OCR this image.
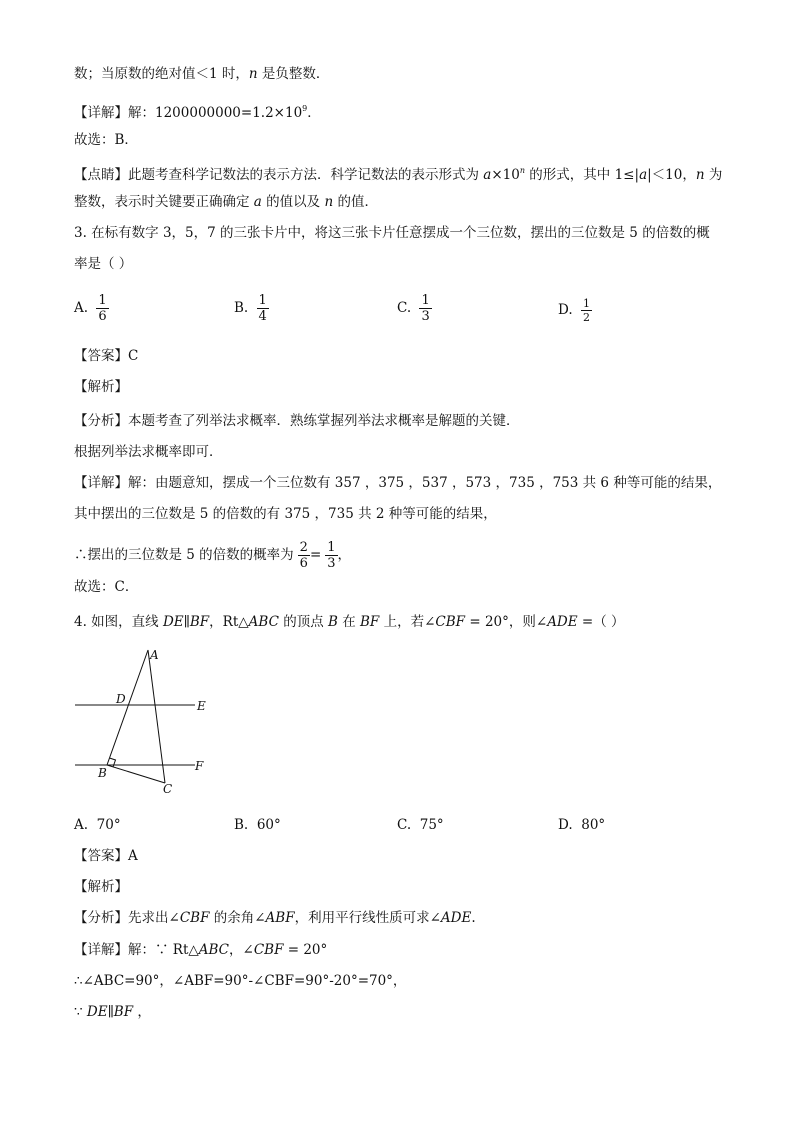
数；当原数的绝对值＜1 时，n 是负整数．
【详解】解：$1200000000=1.2\times 10^9$．
故选：B．
【点睛】此题考查科学记数法的表示方法．科学记数法的表示形式为 $a\times 10^n$ 的形式，其中 1≤|a|＜10，n 为
整数，表示时关键要正确确定 a 的值以及 n 的值．
3. 在标有数字 3，5，7 的三张卡片中，将这三张卡片任意摆成一个三位数，摆出的三位数是 5 的倍数的概
率是（ ）
A. $\frac{1}{6}$	B. $\frac{1}{4}$	C. $\frac{1}{3}$	D. $\frac{1}{2}$
【答案】C
【解析】
【分析】本题考查了列举法求概率．熟练掌握列举法求概率是解题的关键．
根据列举法求概率即可．
【详解】解：由题意知，摆成一个三位数有 357 ，375 ，537 ，573 ，735 ，753 共 6 种等可能的结果，
其中摆出的三位数是 5 的倍数的有 375 ，735 共 2 种等可能的结果，
∴摆出的三位数是 5 的倍数的概率为 $\frac{2}{6} = \frac{1}{3}$ ，
故选：C．
4. 如图，直线 DE∥BF，Rt△ABC 的顶点 B 在 BF 上，若∠CBF = 20°，则∠ADE =（ ）
A
D	E
B	F
C
A. 70°	B. 60°	C. 75°	D. 80°
【答案】A
【解析】
【分析】先求出∠CBF 的余角∠ABF，利用平行线性质可求∠ADE.
【详解】解：∵ Rt△ABC，∠CBF = 20°
∴∠ABC=90°，∠ABF=90°-∠CBF=90°-20°=70°，
∵ DE∥BF ，
